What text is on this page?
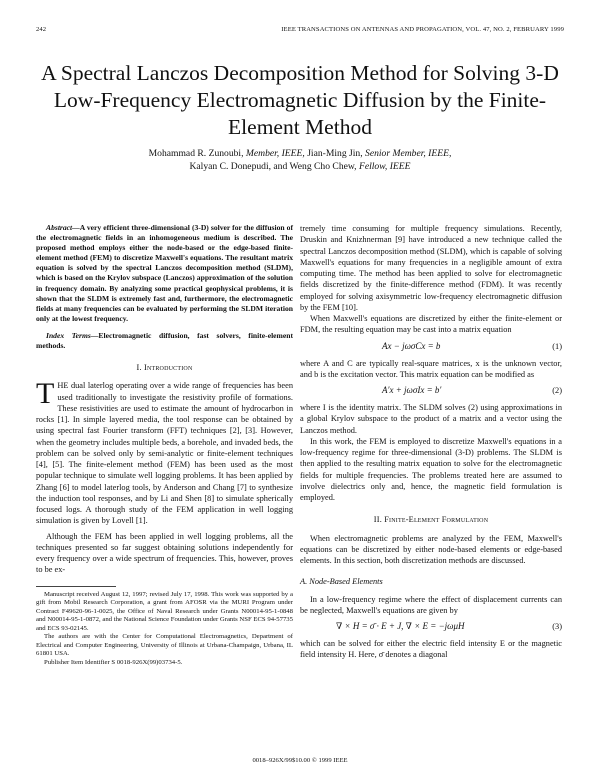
242	IEEE TRANSACTIONS ON ANTENNAS AND PROPAGATION, VOL. 47, NO. 2, FEBRUARY 1999
A Spectral Lanczos Decomposition Method for Solving 3-D Low-Frequency Electromagnetic Diffusion by the Finite-Element Method
Mohammad R. Zunoubi, Member, IEEE, Jian-Ming Jin, Senior Member, IEEE,
Kalyan C. Donepudi, and Weng Cho Chew, Fellow, IEEE

Abstract—A very efficient three-dimensional (3-D) solver for the diffusion of the electromagnetic fields in an inhomogeneous medium is described. The proposed method employs either the node-based or the edge-based finite-element method (FEM) to discretize Maxwell's equations. The resultant matrix equation is solved by the spectral Lanczos decomposition method (SLDM), which is based on the Krylov subspace (Lanczos) approximation of the solution in frequency domain. By analyzing some practical geophysical problems, it is shown that the SLDM is extremely fast and, furthermore, the electromagnetic fields at many frequencies can be evaluated by performing the SLDM iteration only at the lowest frequency.

Index Terms—Electromagnetic diffusion, fast solvers, finite-element methods.

I. Introduction

THE dual laterlog operating over a wide range of frequencies has been used traditionally to investigate the resistivity profile of formations. These resistivities are used to estimate the amount of hydrocarbon in rocks [1]. In simple layered media, the tool response can be obtained by using spectral fast Fourier transform (FFT) techniques [2], [3]. However, when the geometry includes multiple beds, a borehole, and invaded beds, the problem can be solved only by semi-analytic or finite-element techniques [4], [5]. The finite-element method (FEM) has been used as the most popular technique to simulate well logging problems. It has been applied by Zhang [6] to model laterlog tools, by Anderson and Chang [7] to synthesize the induction tool responses, and by Li and Shen [8] to simulate spherically focused logs. A thorough study of the FEM application in well logging simulation is given by Lovell [1].

Although the FEM has been applied in well logging problems, all the techniques presented so far suggest obtaining solutions independently for every frequency over a wide spectrum of frequencies. This, however, proves to be ex-

Manuscript received August 12, 1997; revised July 17, 1998. This work was supported by a gift from Mobil Research Corporation, a grant from AFOSR via the MURI Program under Contract F49620-96-1-0025, the Office of Naval Research under Grants N00014-95-1-0848 and N00014-95-1-0872, and the National Science Foundation under Grants NSF ECS 94-57735 and ECS 93-02145.

The authors are with the Center for Computational Electromagnetics, Department of Electrical and Computer Engineering, University of Illinois at Urbana-Champaign, Urbana, IL 61801 USA.

Publisher Item Identifier S 0018-926X(99)03734-5.

tremely time consuming for multiple frequency simulations. Recently, Druskin and Knizhnerman [9] have introduced a new technique called the spectral Lanczos decomposition method (SLDM), which is capable of solving Maxwell's equations for many frequencies in a negligible amount of extra computing time. The method has been applied to solve for electromagnetic fields discretized by the finite-difference method (FDM). It was recently employed for solving axisymmetric low-frequency electromagnetic diffusion by the FEM [10].

When Maxwell's equations are discretized by either the finite-element or FDM, the resulting equation may be cast into a matrix equation

Ax − jωσCx = b	(1)

where A and C are typically real-square matrices, x is the unknown vector, and b is the excitation vector. This matrix equation can be modified as

A′x + jωσIx = b′	(2)

where I is the identity matrix. The SLDM solves (2) using approximations in a global Krylov subspace to the product of a matrix and a vector using the Lanczos method.

In this work, the FEM is employed to discretize Maxwell's equations in a low-frequency regime for three-dimensional (3-D) problems. The SLDM is then applied to the resulting matrix equation to solve for the electromagnetic fields for multiple frequencies. The problems treated here are assumed to involve dielectrics only and, hence, the magnetic field formulation is employed.

II. Finite-Element Formulation

When electromagnetic problems are analyzed by the FEM, Maxwell's equations can be discretized by either node-based elements or edge-based elements. In this section, both discretization methods are discussed.

A. Node-Based Elements

In a low-frequency regime where the effect of displacement currents can be neglected, Maxwell's equations are given by

∇ × H = σ̄ · E + J, ∇ × E = −jωμH	(3)

which can be solved for either the electric field intensity E or the magnetic field intensity H. Here, σ̄ denotes a diagonal

0018–926X/99$10.00 © 1999 IEEE
